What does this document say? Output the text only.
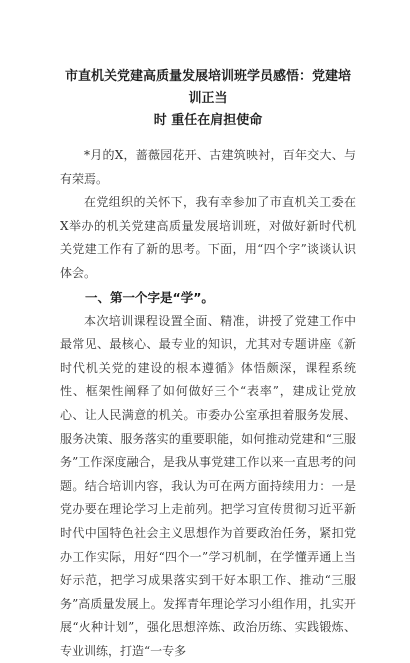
市直机关党建高质量发展培训班学员感悟：党建培训正当
时 重任在肩担使命

*月的X，蔷薇园花开、古建筑映衬，百年交大、与有荣焉。

在党组织的关怀下，我有幸参加了市直机关工委在X举办的机关党建高质量发展培训班，对做好新时代机关党建工作有了新的思考。下面，用“四个字”谈谈认识体会。

一、第一个字是“学”。

本次培训课程设置全面、精准，讲授了党建工作中最常见、最核心、最专业的知识，尤其对专题讲座《新时代机关党的建设的根本遵循》体悟颇深，课程系统性、框架性阐释了如何做好三个“表率”，建成让党放心、让人民满意的机关。市委办公室承担着服务发展、服务决策、服务落实的重要职能，如何推动党建和“三服务”工作深度融合，是我从事党建工作以来一直思考的问题。结合培训内容，我认为可在两方面持续用力：一是党办要在理论学习上走前列。把学习宣传贯彻习近平新时代中国特色社会主义思想作为首要政治任务，紧扣党办工作实际，用好“四个一”学习机制，在学懂弄通上当好示范，把学习成果落实到干好本职工作、推动“三服务”高质量发展上。发挥青年理论学习小组作用，扎实开展“火种计划”，强化思想淬炼、政治历练、实践锻炼、专业训练，打造“一专多
